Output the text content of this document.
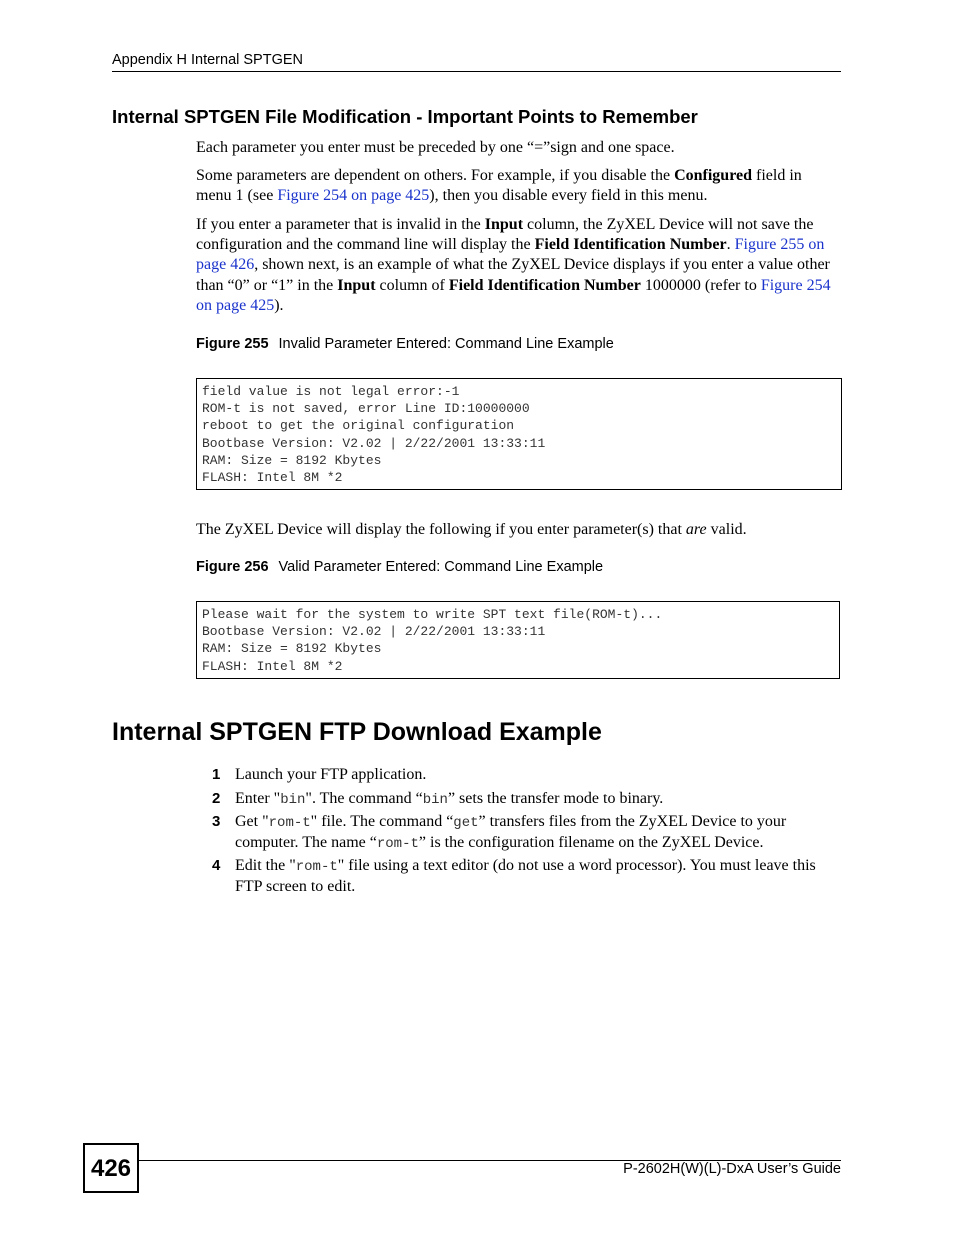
Appendix H Internal SPTGEN
Internal SPTGEN File Modification - Important Points to Remember

Each parameter you enter must be preceded by one “=”sign and one space.

Some parameters are dependent on others. For example, if you disable the Configured field in menu 1 (see Figure 254 on page 425), then you disable every field in this menu.

If you enter a parameter that is invalid in the Input column, the ZyXEL Device will not save the configuration and the command line will display the Field Identification Number. Figure 255 on page 426, shown next, is an example of what the ZyXEL Device displays if you enter a value other than “0” or “1” in the Input column of Field Identification Number 1000000 (refer to Figure 254 on page 425).

Figure 255 Invalid Parameter Entered: Command Line Example
field value is not legal error:-1
ROM-t is not saved, error Line ID:10000000
reboot to get the original configuration
Bootbase Version: V2.02 | 2/22/2001 13:33:11
RAM: Size = 8192 Kbytes
FLASH: Intel 8M *2

The ZyXEL Device will display the following if you enter parameter(s) that are valid.

Figure 256 Valid Parameter Entered: Command Line Example
Please wait for the system to write SPT text file(ROM-t)...
Bootbase Version: V2.02 | 2/22/2001 13:33:11
RAM: Size = 8192 Kbytes
FLASH: Intel 8M *2
Internal SPTGEN FTP Download Example
1 Launch your FTP application.
2 Enter "bin". The command “bin” sets the transfer mode to binary.
3 Get "rom-t" file. The command “get” transfers files from the ZyXEL Device to your computer. The name “rom-t” is the configuration filename on the ZyXEL Device.
4 Edit the "rom-t" file using a text editor (do not use a word processor). You must leave this FTP screen to edit.
426	P-2602H(W)(L)-DxA User’s Guide
